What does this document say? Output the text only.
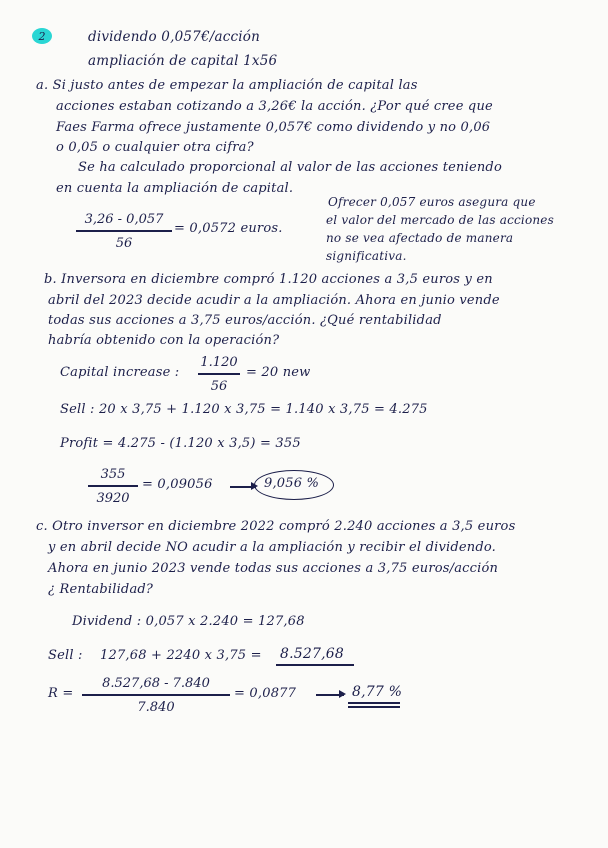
2	dividendo 0,057€/acción
ampliación de capital 1x56
a. Si justo antes de empezar la ampliación de capital las
acciones estaban cotizando a 3,26€ la acción. ¿Por qué cree que
Faes Farma ofrece justamente 0,057€ como dividendo y no 0,06
o 0,05 o cualquier otra cifra?
Se ha calculado proporcional al valor de las acciones teniendo
en cuenta la ampliación de capital.
3,26 - 0,057
56
= 0,0572 euros.
Ofrecer 0,057 euros asegura que
el valor del mercado de las acciones
no se vea afectado de manera
significativa.
b. Inversora en diciembre compró 1.120 acciones a 3,5 euros y en
abril del 2023 decide acudir a la ampliación. Ahora en junio vende
todas sus acciones a 3,75 euros/acción. ¿Qué rentabilidad
habría obtenido con la operación?
Capital increase :
1.120
56
= 20 new
Sell : 20 x 3,75 + 1.120 x 3,75 = 1.140 x 3,75 = 4.275
Profit = 4.275 - (1.120 x 3,5) = 355
355
3920
= 0,09056	9,056 %
c. Otro inversor en diciembre 2022 compró 2.240 acciones a 3,5 euros
y en abril decide NO acudir a la ampliación y recibir el dividendo.
Ahora en junio 2023 vende todas sus acciones a 3,75 euros/acción
¿ Rentabilidad?
Dividend : 0,057 x 2.240 = 127,68
Sell : 127,68 + 2240 x 3,75 = 8.527,68
R =
8.527,68 - 7.840
7.840
= 0,0877	8,77 %
